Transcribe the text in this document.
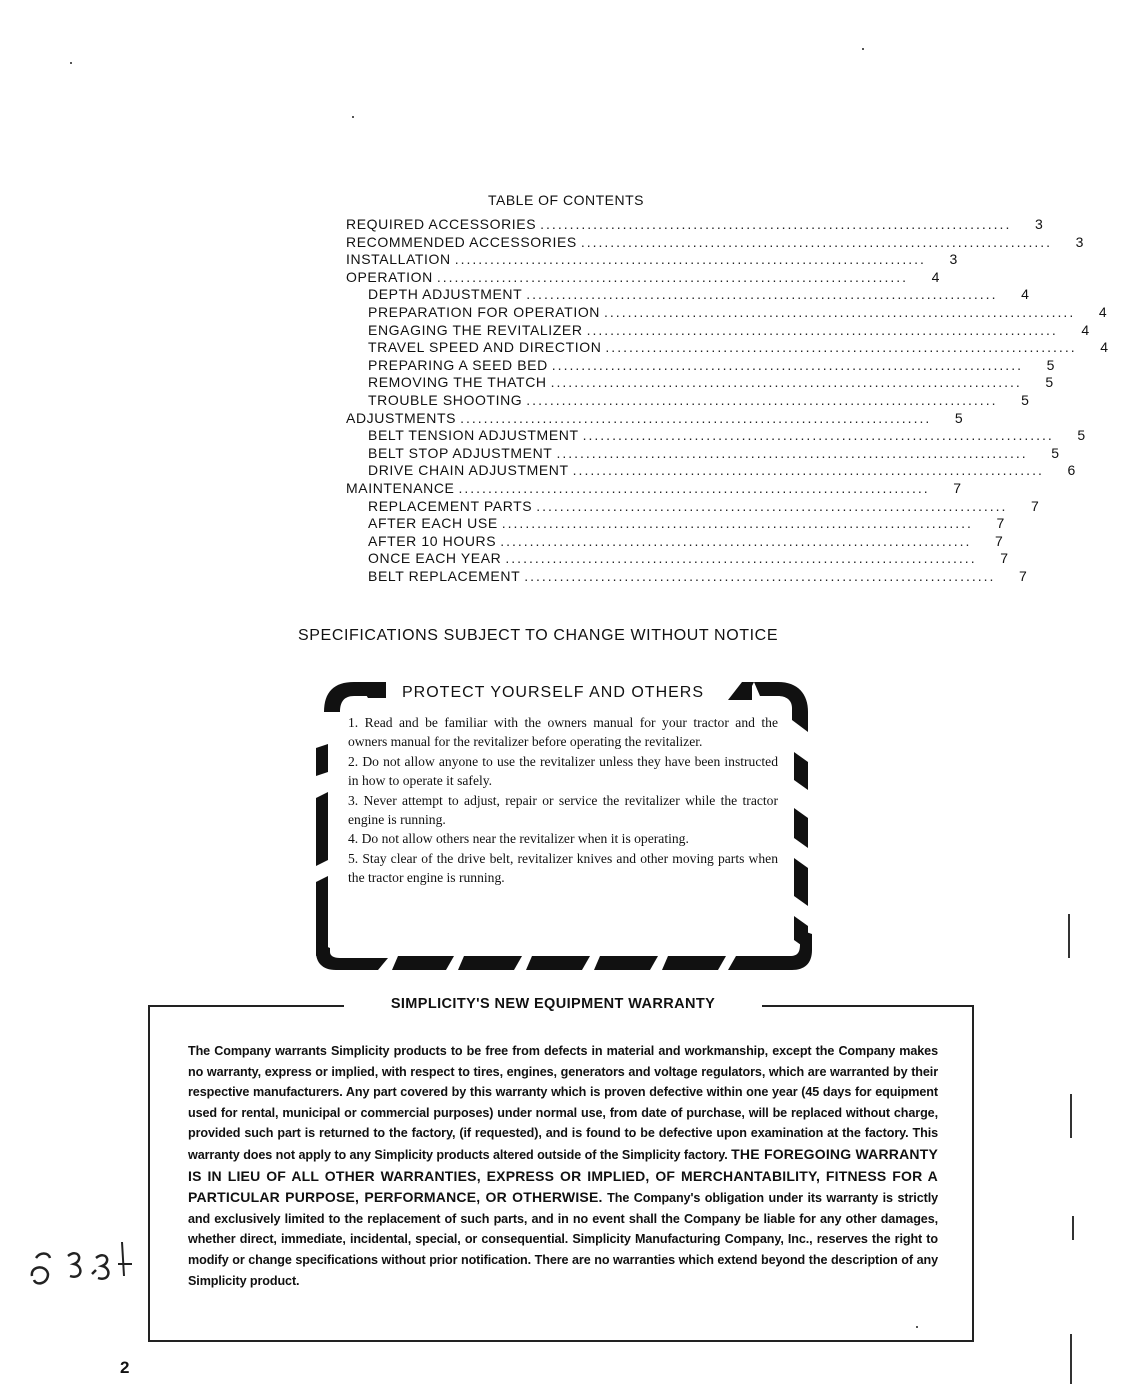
TABLE OF CONTENTS
REQUIRED ACCESSORIES ................................................................................	3
RECOMMENDED ACCESSORIES ................................................................................	3
INSTALLATION ................................................................................	3
OPERATION ................................................................................	4
DEPTH ADJUSTMENT ................................................................................	4
PREPARATION FOR OPERATION ................................................................................	4
ENGAGING THE REVITALIZER ................................................................................	4
TRAVEL SPEED AND DIRECTION ................................................................................	4
PREPARING A SEED BED ................................................................................	5
REMOVING THE THATCH ................................................................................	5
TROUBLE SHOOTING ................................................................................	5
ADJUSTMENTS ................................................................................	5
BELT TENSION ADJUSTMENT ................................................................................	5
BELT STOP ADJUSTMENT ................................................................................	5
DRIVE CHAIN ADJUSTMENT ................................................................................	6
MAINTENANCE ................................................................................	7
REPLACEMENT PARTS ................................................................................	7
AFTER EACH USE ................................................................................	7
AFTER 10 HOURS ................................................................................	7
ONCE EACH YEAR ................................................................................	7
BELT REPLACEMENT ................................................................................	7
SPECIFICATIONS SUBJECT TO CHANGE WITHOUT NOTICE
PROTECT YOURSELF AND OTHERS
1. Read and be familiar with the owners manual for your tractor and the owners manual for the revitalizer before operating the revitalizer.
2. Do not allow anyone to use the revitalizer unless they have been instructed in how to operate it safely.
3. Never attempt to adjust, repair or service the revitalizer while the tractor engine is running.
4. Do not allow others near the revitalizer when it is operating.
5. Stay clear of the drive belt, revitalizer knives and other moving parts when the tractor engine is running.
SIMPLICITY'S NEW EQUIPMENT WARRANTY
The Company warrants Simplicity products to be free from defects in material and workmanship, except the Company makes no warranty, express or implied, with respect to tires, engines, generators and voltage regulators, which are warranted by their respective manufacturers. Any part covered by this warranty which is proven defective within one year (45 days for equipment used for rental, municipal or commercial purposes) under normal use, from date of purchase, will be replaced without charge, provided such part is returned to the factory, (if requested), and is found to be defective upon examination at the factory. This warranty does not apply to any Simplicity products altered outside of the Simplicity factory. THE FOREGOING WARRANTY IS IN LIEU OF ALL OTHER WARRANTIES, EXPRESS OR IMPLIED, OF MERCHANTABILITY, FITNESS FOR A PARTICULAR PURPOSE, PERFORMANCE, OR OTHERWISE. The Company's obligation under its warranty is strictly and exclusively limited to the replacement of such parts, and in no event shall the Company be liable for any other damages, whether direct, immediate, incidental, special, or consequential. Simplicity Manufacturing Company, Inc., reserves the right to modify or change specifications without prior notification. There are no warranties which extend beyond the description of any Simplicity product.
2
